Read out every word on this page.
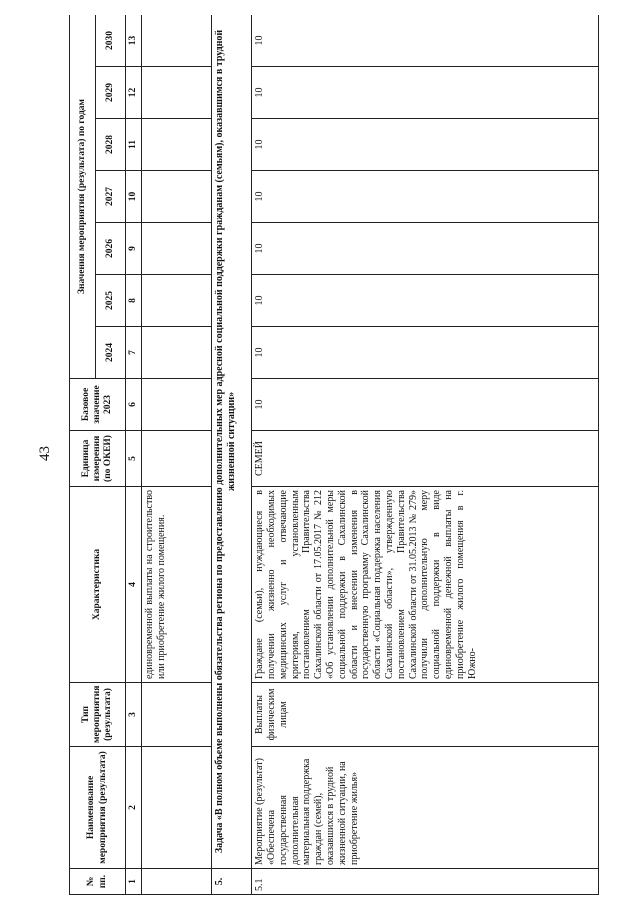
43
№ пп.	Наименование мероприятия (результата)	Тип мероприятия (результата)	Характеристика	Единица измерения (по ОКЕИ)	Базовое значение 2023	Значения мероприятия (результата) по годам						
						2024	2025	2026	2027	2028	2029	2030
1	2	3	4	5	6	7	8	9	10	11	12	13
			единовременной выплаты на строительство или приобретение жилого помещения.									
5.	Задача «В полном объеме выполнены обязательства региона по предоставлению дополнительных мер адресной социальной поддержки гражданам (семьям), оказавшимся в трудной жизненной ситуации»											
5.1	Мероприятие (результат) «Обеспечена государственная дополнительная материальная поддержка граждан (семей), оказавшихся в трудной жизненной ситуации, на приобретение жилья»	Выплаты физическим лицам	Граждане (семьи), нуждающиеся в получении жизненно необходимых медицинских услуг и отвечающие критериям, установленным постановлением Правительства Сахалинской области от 17.05.2017 № 212 «Об установлении дополнительной меры социальной поддержки в Сахалинской области и внесении изменения в государственную программу Сахалинской области «Социальная поддержка населения Сахалинской области», утвержденную постановлением Правительства Сахалинской области от 31.05.2013 № 279» получили дополнительную меру социальной поддержки в виде единовременной денежной выплаты на приобретение жилого помещения в г. Южно-	СЕМЕЙ	10	10	10	10	10	10	10	10
